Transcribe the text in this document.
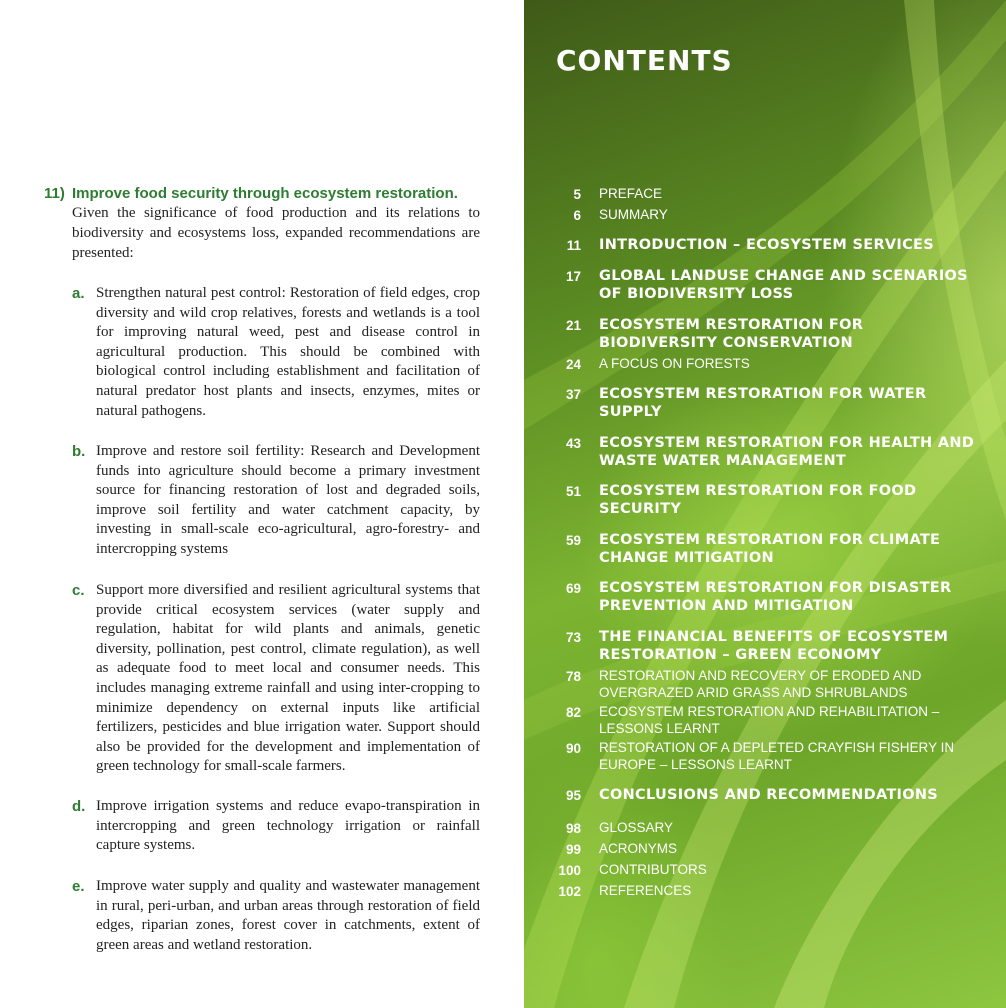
11) Improve food security through ecosystem restoration.
Given the significance of food production and its relations to biodiversity and ecosystems loss, expanded recommendations are presented:
a. Strengthen natural pest control: Restoration of field edges, crop diversity and wild crop relatives, forests and wetlands is a tool for improving natural weed, pest and disease control in agricultural production. This should be combined with biological control including establishment and facilitation of natural predator host plants and insects, enzymes, mites or natural pathogens.
b. Improve and restore soil fertility: Research and Development funds into agriculture should become a primary investment source for financing restoration of lost and degraded soils, improve soil fertility and water catchment capacity, by investing in small-scale eco-agricultural, agro-forestry- and intercropping systems
c. Support more diversified and resilient agricultural systems that provide critical ecosystem services (water supply and regulation, habitat for wild plants and animals, genetic diversity, pollination, pest control, climate regulation), as well as adequate food to meet local and consumer needs. This includes managing extreme rainfall and using inter-cropping to minimize dependency on external inputs like artificial fertilizers, pesticides and blue irrigation water. Support should also be provided for the development and implementation of green technology for small-scale farmers.
d. Improve irrigation systems and reduce evapo-transpiration in intercropping and green technology irrigation or rainfall capture systems.
e. Improve water supply and quality and wastewater management in rural, peri-urban, and urban areas through restoration of field edges, riparian zones, forest cover in catchments, extent of green areas and wetland restoration.
CONTENTS
5 PREFACE
6 SUMMARY
11 INTRODUCTION – ECOSYSTEM SERVICES
17 GLOBAL LANDUSE CHANGE AND SCENARIOS OF BIODIVERSITY LOSS
21 ECOSYSTEM RESTORATION FOR BIODIVERSITY CONSERVATION
24 A FOCUS ON FORESTS
37 ECOSYSTEM RESTORATION FOR WATER SUPPLY
43 ECOSYSTEM RESTORATION FOR HEALTH AND WASTE WATER MANAGEMENT
51 ECOSYSTEM RESTORATION FOR FOOD SECURITY
59 ECOSYSTEM RESTORATION FOR CLIMATE CHANGE MITIGATION
69 ECOSYSTEM RESTORATION FOR DISASTER PREVENTION AND MITIGATION
73 THE FINANCIAL BENEFITS OF ECOSYSTEM RESTORATION – GREEN ECONOMY
78 RESTORATION AND RECOVERY OF ERODED AND OVERGRAZED ARID GRASS AND SHRUBLANDS
82 ECOSYSTEM RESTORATION AND REHABILITATION – LESSONS LEARNT
90 RESTORATION OF A DEPLETED CRAYFISH FISHERY IN EUROPE – LESSONS LEARNT
95 CONCLUSIONS AND RECOMMENDATIONS
98 GLOSSARY
99 ACRONYMS
100 CONTRIBUTORS
102 REFERENCES
